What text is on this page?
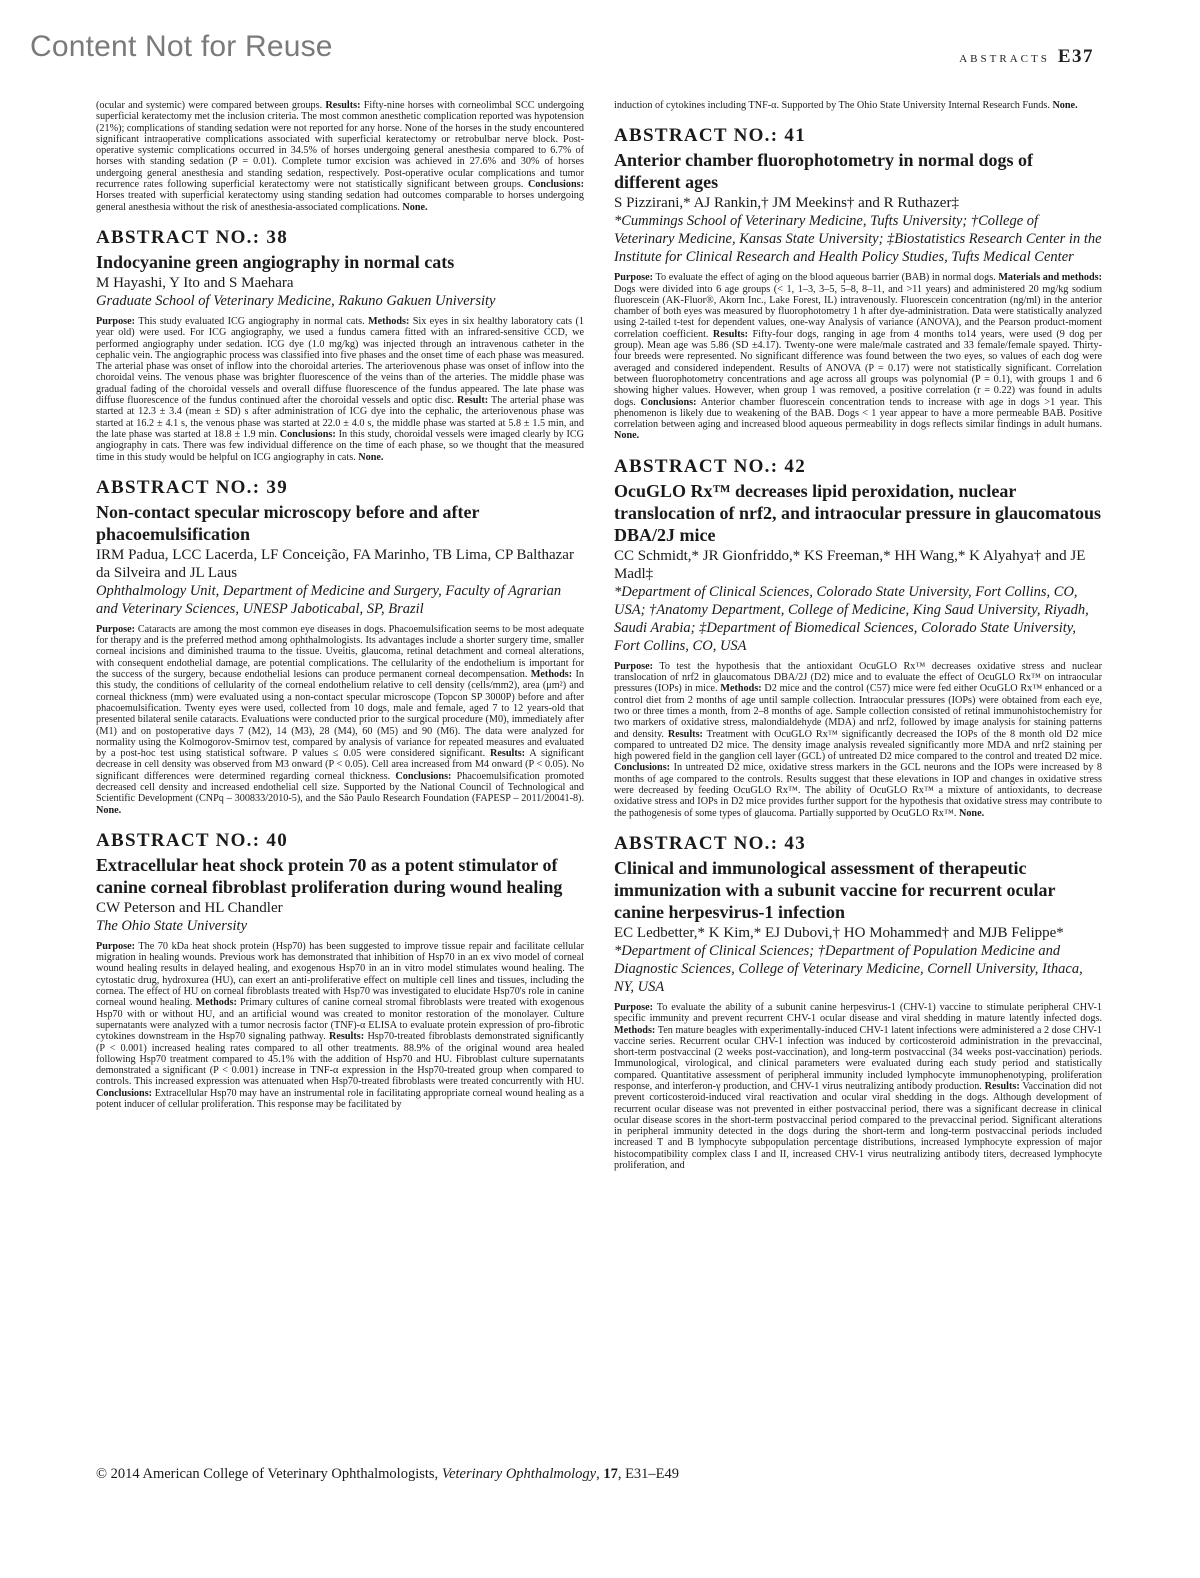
Content Not for Reuse	ABSTRACTS E37

(ocular and systemic) were compared between groups. Results: Fifty-nine horses with corneolimbal SCC undergoing superficial keratectomy met the inclusion criteria. The most common anesthetic complication reported was hypotension (21%); complications of standing sedation were not reported for any horse. None of the horses in the study encountered significant intraoperative complications associated with superficial keratectomy or retrobulbar nerve block. Post-operative systemic complications occurred in 34.5% of horses undergoing general anesthesia compared to 6.7% of horses with standing sedation (P = 0.01). Complete tumor excision was achieved in 27.6% and 30% of horses undergoing general anesthesia and standing sedation, respectively. Post-operative ocular complications and tumor recurrence rates following superficial keratectomy were not statistically significant between groups. Conclusions: Horses treated with superficial keratectomy using standing sedation had outcomes comparable to horses undergoing general anesthesia without the risk of anesthesia-associated complications. None.

ABSTRACT NO.: 38
Indocyanine green angiography in normal cats
M Hayashi, Y Ito and S Maehara
Graduate School of Veterinary Medicine, Rakuno Gakuen University

Purpose: This study evaluated ICG angiography in normal cats. Methods: Six eyes in six healthy laboratory cats (1 year old) were used. For ICG angiography, we used a fundus camera fitted with an infrared-sensitive CCD, we performed angiography under sedation. ICG dye (1.0 mg/kg) was injected through an intravenous catheter in the cephalic vein. The angiographic process was classified into five phases and the onset time of each phase was measured. The arterial phase was onset of inflow into the choroidal arteries. The arteriovenous phase was onset of inflow into the choroidal veins. The venous phase was brighter fluorescence of the veins than of the arteries. The middle phase was gradual fading of the choroidal vessels and overall diffuse fluorescence of the fundus appeared. The late phase was diffuse fluorescence of the fundus continued after the choroidal vessels and optic disc. Result: The arterial phase was started at 12.3 ± 3.4 (mean ± SD) s after administration of ICG dye into the cephalic, the arteriovenous phase was started at 16.2 ± 4.1 s, the venous phase was started at 22.0 ± 4.0 s, the middle phase was started at 5.8 ± 1.5 min, and the late phase was started at 18.8 ± 1.9 min. Conclusions: In this study, choroidal vessels were imaged clearly by ICG angiography in cats. There was few individual difference on the time of each phase, so we thought that the measured time in this study would be helpful on ICG angiography in cats. None.

ABSTRACT NO.: 39
Non-contact specular microscopy before and after phacoemulsification
IRM Padua, LCC Lacerda, LF Conceição, FA Marinho, TB Lima, CP Balthazar da Silveira and JL Laus
Ophthalmology Unit, Department of Medicine and Surgery, Faculty of Agrarian and Veterinary Sciences, UNESP Jaboticabal, SP, Brazil

Purpose: Cataracts are among the most common eye diseases in dogs. Phacoemulsification seems to be most adequate for therapy and is the preferred method among ophthalmologists. Its advantages include a shorter surgery time, smaller corneal incisions and diminished trauma to the tissue. Uveitis, glaucoma, retinal detachment and corneal alterations, with consequent endothelial damage, are potential complications. The cellularity of the endothelium is important for the success of the surgery, because endothelial lesions can produce permanent corneal decompensation. Methods: In this study, the conditions of cellularity of the corneal endothelium relative to cell density (cells/mm2), area (μm²) and corneal thickness (mm) were evaluated using a non-contact specular microscope (Topcon SP 3000P) before and after phacoemulsification. Twenty eyes were used, collected from 10 dogs, male and female, aged 7 to 12 years-old that presented bilateral senile cataracts. Evaluations were conducted prior to the surgical procedure (M0), immediately after (M1) and on postoperative days 7 (M2), 14 (M3), 28 (M4), 60 (M5) and 90 (M6). The data were analyzed for normality using the Kolmogorov-Smirnov test, compared by analysis of variance for repeated measures and evaluated by a post-hoc test using statistical software. P values ≤ 0.05 were considered significant. Results: A significant decrease in cell density was observed from M3 onward (P < 0.05). Cell area increased from M4 onward (P < 0.05). No significant differences were determined regarding corneal thickness. Conclusions: Phacoemulsification promoted decreased cell density and increased endothelial cell size. Supported by the National Council of Technological and Scientific Development (CNPq – 300833/2010-5), and the São Paulo Research Foundation (FAPESP – 2011/20041-8). None.

ABSTRACT NO.: 40
Extracellular heat shock protein 70 as a potent stimulator of canine corneal fibroblast proliferation during wound healing
CW Peterson and HL Chandler
The Ohio State University

Purpose: The 70 kDa heat shock protein (Hsp70) has been suggested to improve tissue repair and facilitate cellular migration in healing wounds. Previous work has demonstrated that inhibition of Hsp70 in an ex vivo model of corneal wound healing results in delayed healing, and exogenous Hsp70 in an in vitro model stimulates wound healing. The cytostatic drug, hydroxurea (HU), can exert an anti-proliferative effect on multiple cell lines and tissues, including the cornea. The effect of HU on corneal fibroblasts treated with Hsp70 was investigated to elucidate Hsp70's role in canine corneal wound healing. Methods: Primary cultures of canine corneal stromal fibroblasts were treated with exogenous Hsp70 with or without HU, and an artificial wound was created to monitor restoration of the monolayer. Culture supernatants were analyzed with a tumor necrosis factor (TNF)-α ELISA to evaluate protein expression of pro-fibrotic cytokines downstream in the Hsp70 signaling pathway. Results: Hsp70-treated fibroblasts demonstrated significantly (P < 0.001) increased healing rates compared to all other treatments. 88.9% of the original wound area healed following Hsp70 treatment compared to 45.1% with the addition of Hsp70 and HU. Fibroblast culture supernatants demonstrated a significant (P < 0.001) increase in TNF-α expression in the Hsp70-treated group when compared to controls. This increased expression was attenuated when Hsp70-treated fibroblasts were treated concurrently with HU. Conclusions: Extracellular Hsp70 may have an instrumental role in facilitating appropriate corneal wound healing as a potent inducer of cellular proliferation. This response may be facilitated by

induction of cytokines including TNF-α. Supported by The Ohio State University Internal Research Funds. None.

ABSTRACT NO.: 41
Anterior chamber fluorophotometry in normal dogs of different ages
S Pizzirani,* AJ Rankin,† JM Meekins† and R Ruthazer‡
*Cummings School of Veterinary Medicine, Tufts University; †College of Veterinary Medicine, Kansas State University; ‡Biostatistics Research Center in the Institute for Clinical Research and Health Policy Studies, Tufts Medical Center

Purpose: To evaluate the effect of aging on the blood aqueous barrier (BAB) in normal dogs. Materials and methods: Dogs were divided into 6 age groups (< 1, 1–3, 3–5, 5–8, 8–11, and >11 years) and administered 20 mg/kg sodium fluorescein (AK-Fluor®, Akorn Inc., Lake Forest, IL) intravenously. Fluorescein concentration (ng/ml) in the anterior chamber of both eyes was measured by fluorophotometry 1 h after dye-administration. Data were statistically analyzed using 2-tailed t-test for dependent values, one-way Analysis of variance (ANOVA), and the Pearson product-moment correlation coefficient. Results: Fifty-four dogs, ranging in age from 4 months to14 years, were used (9 dog per group). Mean age was 5.86 (SD ±4.17). Twenty-one were male/male castrated and 33 female/female spayed. Thirty-four breeds were represented. No significant difference was found between the two eyes, so values of each dog were averaged and considered independent. Results of ANOVA (P = 0.17) were not statistically significant. Correlation between fluorophotometry concentrations and age across all groups was polynomial (P = 0.1), with groups 1 and 6 showing higher values. However, when group 1 was removed, a positive correlation (r = 0.22) was found in adults dogs. Conclusions: Anterior chamber fluorescein concentration tends to increase with age in dogs >1 year. This phenomenon is likely due to weakening of the BAB. Dogs < 1 year appear to have a more permeable BAB. Positive correlation between aging and increased blood aqueous permeability in dogs reflects similar findings in adult humans. None.

ABSTRACT NO.: 42
OcuGLO Rx™ decreases lipid peroxidation, nuclear translocation of nrf2, and intraocular pressure in glaucomatous DBA/2J mice
CC Schmidt,* JR Gionfriddo,* KS Freeman,* HH Wang,* K Alyahya† and JE Madl‡
*Department of Clinical Sciences, Colorado State University, Fort Collins, CO, USA; †Anatomy Department, College of Medicine, King Saud University, Riyadh, Saudi Arabia; ‡Department of Biomedical Sciences, Colorado State University, Fort Collins, CO, USA

Purpose: To test the hypothesis that the antioxidant OcuGLO Rx™ decreases oxidative stress and nuclear translocation of nrf2 in glaucomatous DBA/2J (D2) mice and to evaluate the effect of OcuGLO Rx™ on intraocular pressures (IOPs) in mice. Methods: D2 mice and the control (C57) mice were fed either OcuGLO Rx™ enhanced or a control diet from 2 months of age until sample collection. Intraocular pressures (IOPs) were obtained from each eye, two or three times a month, from 2–8 months of age. Sample collection consisted of retinal immunohistochemistry for two markers of oxidative stress, malondialdehyde (MDA) and nrf2, followed by image analysis for staining patterns and density. Results: Treatment with OcuGLO Rx™ significantly decreased the IOPs of the 8 month old D2 mice compared to untreated D2 mice. The density image analysis revealed significantly more MDA and nrf2 staining per high powered field in the ganglion cell layer (GCL) of untreated D2 mice compared to the control and treated D2 mice. Conclusions: In untreated D2 mice, oxidative stress markers in the GCL neurons and the IOPs were increased by 8 months of age compared to the controls. Results suggest that these elevations in IOP and changes in oxidative stress were decreased by feeding OcuGLO Rx™. The ability of OcuGLO Rx™ a mixture of antioxidants, to decrease oxidative stress and IOPs in D2 mice provides further support for the hypothesis that oxidative stress may contribute to the pathogenesis of some types of glaucoma. Partially supported by OcuGLO Rx™. None.

ABSTRACT NO.: 43
Clinical and immunological assessment of therapeutic immunization with a subunit vaccine for recurrent ocular canine herpesvirus-1 infection
EC Ledbetter,* K Kim,* EJ Dubovi,† HO Mohammed† and MJB Felippe*
*Department of Clinical Sciences; †Department of Population Medicine and Diagnostic Sciences, College of Veterinary Medicine, Cornell University, Ithaca, NY, USA

Purpose: To evaluate the ability of a subunit canine herpesvirus-1 (CHV-1) vaccine to stimulate peripheral CHV-1 specific immunity and prevent recurrent CHV-1 ocular disease and viral shedding in mature latently infected dogs. Methods: Ten mature beagles with experimentally-induced CHV-1 latent infections were administered a 2 dose CHV-1 vaccine series. Recurrent ocular CHV-1 infection was induced by corticosteroid administration in the prevaccinal, short-term postvaccinal (2 weeks post-vaccination), and long-term postvaccinal (34 weeks post-vaccination) periods. Immunological, virological, and clinical parameters were evaluated during each study period and statistically compared. Quantitative assessment of peripheral immunity included lymphocyte immunophenotyping, proliferation response, and interferon-γ production, and CHV-1 virus neutralizing antibody production. Results: Vaccination did not prevent corticosteroid-induced viral reactivation and ocular viral shedding in the dogs. Although development of recurrent ocular disease was not prevented in either postvaccinal period, there was a significant decrease in clinical ocular disease scores in the short-term postvaccinal period compared to the prevaccinal period. Significant alterations in peripheral immunity detected in the dogs during the short-term and long-term postvaccinal periods included increased T and B lymphocyte subpopulation percentage distributions, increased lymphocyte expression of major histocompatibility complex class I and II, increased CHV-1 virus neutralizing antibody titers, decreased lymphocyte proliferation, and

© 2014 American College of Veterinary Ophthalmologists, Veterinary Ophthalmology, 17, E31–E49
